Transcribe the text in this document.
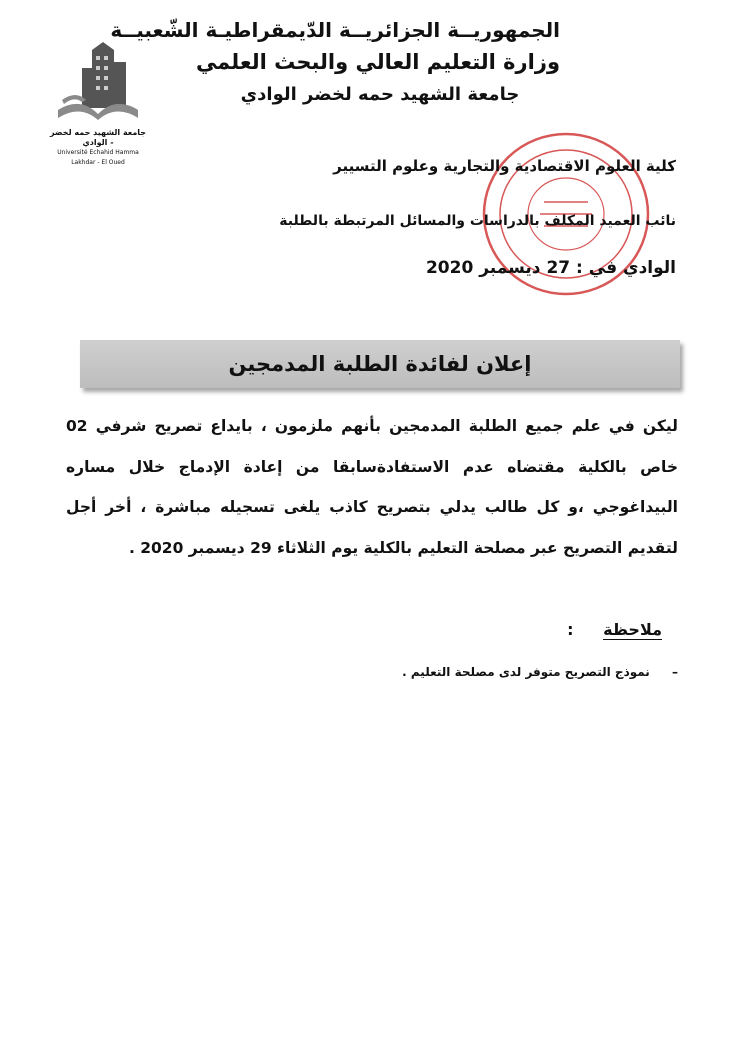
الجمهوريــة الجزائريــة الدّيمقراطيـة الشّعبيــة
وزارة التعليم العالي والبحث العلمي
جامعة الشهيد حمه لخضر الوادي
جامعة الشهيد حمه لخضر - الوادي
Université Echahid Hamma Lakhdar - El Oued	كلية العلوم الاقتصادية والتجارية وعلوم التسيير
نائب العميد المكلف بالدراسات والمسائل المرتبطة بالطلبة
الوادي في : 27 ديسمبر 2020
إعلان لفائدة الطلبة المدمجين
ليكن في علم جميع الطلبة المدمجين بأنهم ملزمون ، بايداع تصريح شرفي 02 خاص بالكلية مقتضاه عدم الاستفادةسابقا من إعادة الإدماج خلال مساره البيداغوجي ،و كل طالب يدلي بتصريح كاذب يلغى تسجيله مباشرة ، أخر أجل لتقديم التصريح عبر مصلحة التعليم بالكلية يوم الثلاثاء 29 ديسمبر 2020 .
ملاحظة :
– نموذج التصريح متوفر لدى مصلحة التعليم .
